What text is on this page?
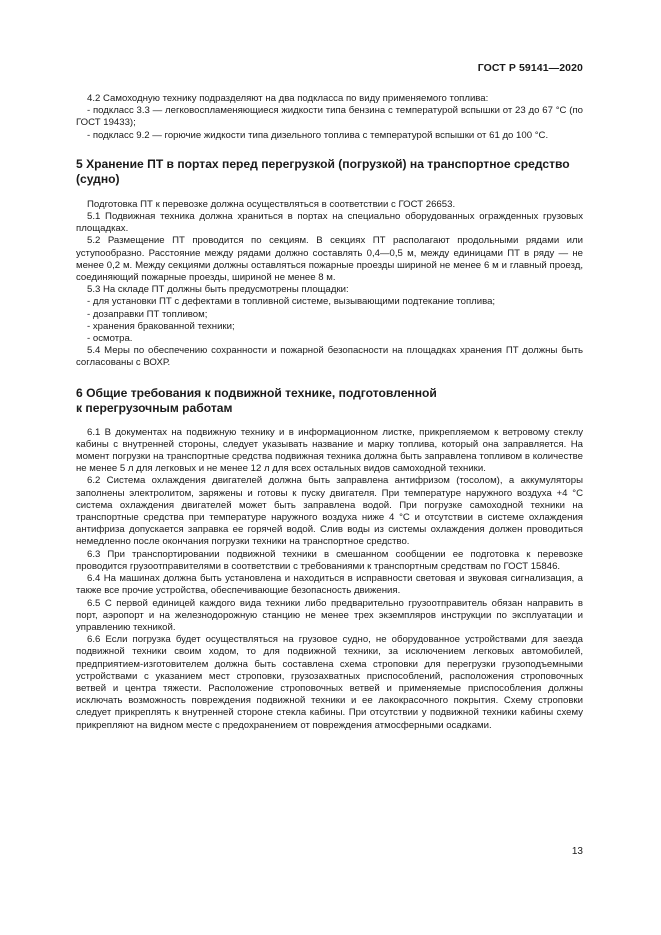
ГОСТ Р 59141—2020

4.2 Самоходную технику подразделяют на два подкласса по виду применяемого топлива:

- подкласс 3.3 — легковоспламеняющиеся жидкости типа бензина с температурой вспышки от 23 до 67 °C (по ГОСТ 19433);

- подкласс 9.2 — горючие жидкости типа дизельного топлива с температурой вспышки от 61 до 100 °C.

5 Хранение ПТ в портах перед перегрузкой (погрузкой) на транспортное средство (судно)

Подготовка ПТ к перевозке должна осуществляться в соответствии с ГОСТ 26653.

5.1 Подвижная техника должна храниться в портах на специально оборудованных огражденных грузовых площадках.

5.2 Размещение ПТ проводится по секциям. В секциях ПТ располагают продольными рядами или уступообразно. Расстояние между рядами должно составлять 0,4—0,5 м, между единицами ПТ в ряду — не менее 0,2 м. Между секциями должны оставляться пожарные проезды шириной не менее 6 м и главный проезд, соединяющий пожарные проезды, шириной не менее 8 м.

5.3 На складе ПТ должны быть предусмотрены площадки:

- для установки ПТ с дефектами в топливной системе, вызывающими подтекание топлива;

- дозаправки ПТ топливом;

- хранения бракованной техники;

- осмотра.

5.4 Меры по обеспечению сохранности и пожарной безопасности на площадках хранения ПТ должны быть согласованы с ВОХР.

6 Общие требования к подвижной технике, подготовленной
к перегрузочным работам

6.1 В документах на подвижную технику и в информационном листке, прикрепляемом к ветровому стеклу кабины с внутренней стороны, следует указывать название и марку топлива, который она заправляется. На момент погрузки на транспортные средства подвижная техника должна быть заправлена топливом в количестве не менее 5 л для легковых и не менее 12 л для всех остальных видов самоходной техники.

6.2 Система охлаждения двигателей должна быть заправлена антифризом (тосолом), а аккумуляторы заполнены электролитом, заряжены и готовы к пуску двигателя. При температуре наружного воздуха +4 °C система охлаждения двигателей может быть заправлена водой. При погрузке самоходной техники на транспортные средства при температуре наружного воздуха ниже 4 °C и отсутствии в системе охлаждения антифриза допускается заправка ее горячей водой. Слив воды из системы охлаждения должен проводиться немедленно после окончания погрузки техники на транспортное средство.

6.3 При транспортировании подвижной техники в смешанном сообщении ее подготовка к перевозке проводится грузоотправителями в соответствии с требованиями к транспортным средствам по ГОСТ 15846.

6.4 На машинах должна быть установлена и находиться в исправности световая и звуковая сигнализация, а также все прочие устройства, обеспечивающие безопасность движения.

6.5 С первой единицей каждого вида техники либо предварительно грузоотправитель обязан направить в порт, аэропорт и на железнодорожную станцию не менее трех экземпляров инструкции по эксплуатации и управлению техникой.

6.6 Если погрузка будет осуществляться на грузовое судно, не оборудованное устройствами для заезда подвижной техники своим ходом, то для подвижной техники, за исключением легковых автомобилей, предприятием-изготовителем должна быть составлена схема строповки для перегрузки грузоподъемными устройствами с указанием мест строповки, грузозахватных приспособлений, расположения строповочных ветвей и центра тяжести. Расположение строповочных ветвей и применяемые приспособления должны исключать возможность повреждения подвижной техники и ее лакокрасочного покрытия. Схему строповки следует прикреплять к внутренней стороне стекла кабины. При отсутствии у подвижной техники кабины схему прикрепляют на видном месте с предохранением от повреждения атмосферными осадками.

13
